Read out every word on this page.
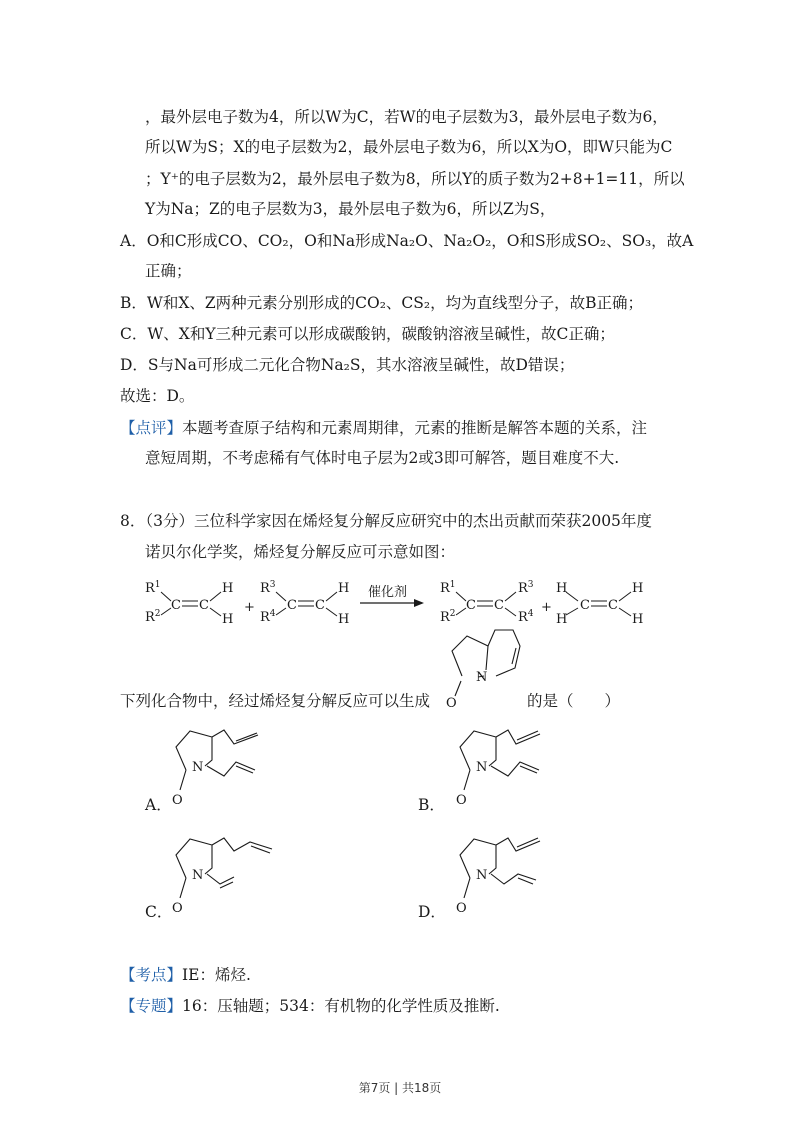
，最外层电子数为4，所以W为C，若W的电子层数为3，最外层电子数为6，
所以W为S；X的电子层数为2，最外层电子数为6，所以X为O，即W只能为C
；Y⁺的电子层数为2，最外层电子数为8，所以Y的质子数为2+8+1=11，所以
Y为Na；Z的电子层数为3，最外层电子数为6，所以Z为S，
A．O和C形成CO、CO₂，O和Na形成Na₂O、Na₂O₂，O和S形成SO₂、SO₃，故A
正确；
B．W和X、Z两种元素分别形成的CO₂、CS₂，均为直线型分子，故B正确；
C．W、X和Y三种元素可以形成碳酸钠，碳酸钠溶液呈碱性，故C正确；
D．S与Na可形成二元化合物Na₂S，其水溶液呈碱性，故D错误；
故选：D。
【点评】本题考查原子结构和元素周期律，元素的推断是解答本题的关系，注
意短周期，不考虑稀有气体时电子层为2或3即可解答，题目难度不大.
8．（3分）三位科学家因在烯烃复分解反应研究中的杰出贡献而荣获2005年度
诺贝尔化学奖，烯烃复分解反应可示意如图：
$R^1$
$R^2$
C C
H
H
+
$R^3$
$R^4$
C C
H
H
催化剂	$R^1$
$R^2$
C C
$R^3$
$R^4$ +
H
H
C C
H
H
下列化合物中，经过烯烃复分解反应可以生成	的是（　　）
N
O
N
O
N
O
N
O
N
O
A．	B．
C．	D．
【考点】IE：烯烃.
【专题】16：压轴题；534：有机物的化学性质及推断.
第7页 | 共18页
